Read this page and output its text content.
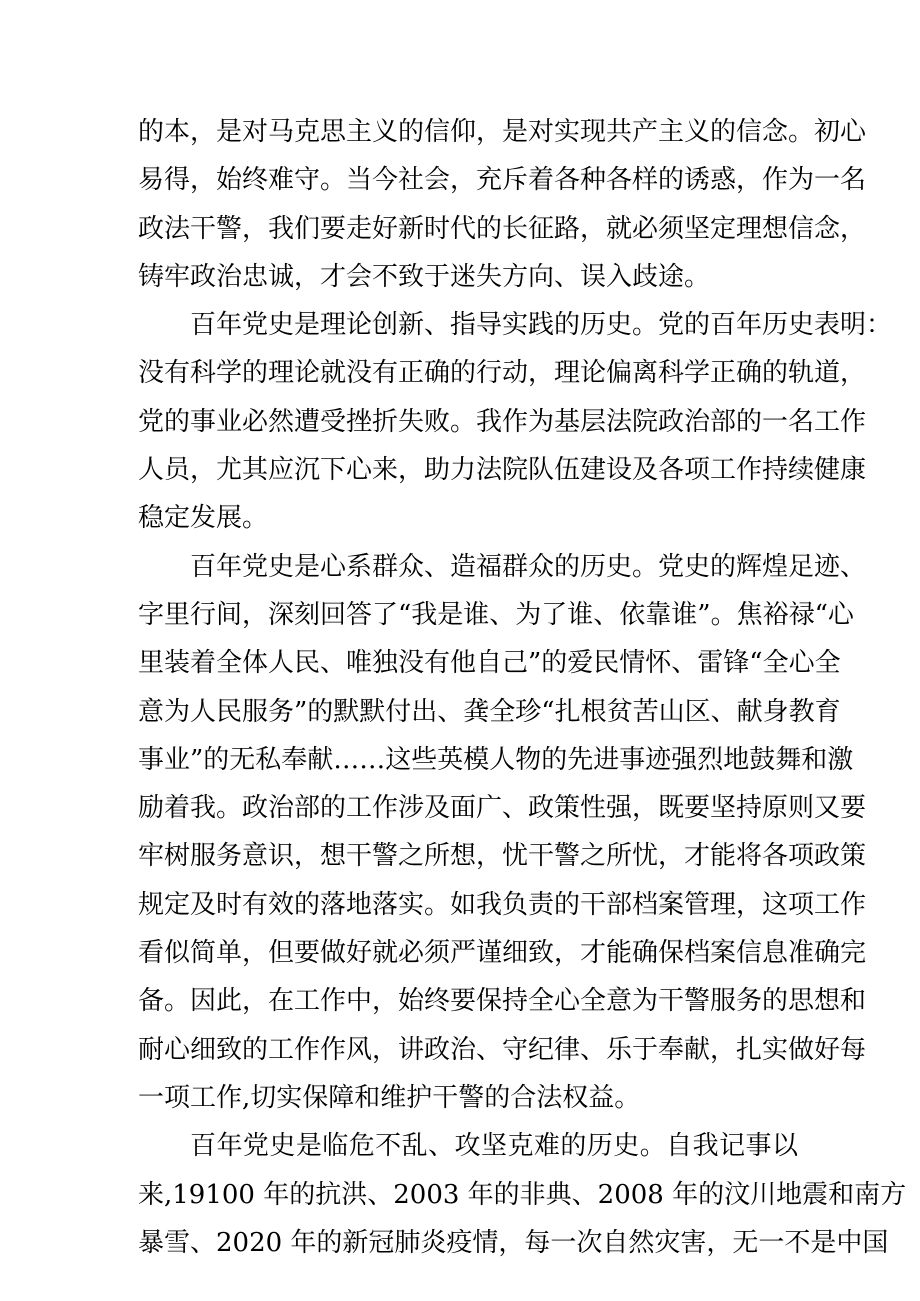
的本，是对马克思主义的信仰，是对实现共产主义的信念。初心
易得，始终难守。当今社会，充斥着各种各样的诱惑，作为一名
政法干警，我们要走好新时代的长征路，就必须坚定理想信念，
铸牢政治忠诚，才会不致于迷失方向、误入歧途。
百年党史是理论创新、指导实践的历史。党的百年历史表明：
没有科学的理论就没有正确的行动，理论偏离科学正确的轨道，
党的事业必然遭受挫折失败。我作为基层法院政治部的一名工作
人员，尤其应沉下心来，助力法院队伍建设及各项工作持续健康
稳定发展。
百年党史是心系群众、造福群众的历史。党史的辉煌足迹、
字里行间，深刻回答了“我是谁、为了谁、依靠谁”。焦裕禄“心
里装着全体人民、唯独没有他自己”的爱民情怀、雷锋“全心全
意为人民服务”的默默付出、龚全珍“扎根贫苦山区、献身教育
事业”的无私奉献……这些英模人物的先进事迹强烈地鼓舞和激
励着我。政治部的工作涉及面广、政策性强，既要坚持原则又要
牢树服务意识，想干警之所想，忧干警之所忧，才能将各项政策
规定及时有效的落地落实。如我负责的干部档案管理，这项工作
看似简单，但要做好就必须严谨细致，才能确保档案信息准确完
备。因此，在工作中，始终要保持全心全意为干警服务的思想和
耐心细致的工作作风，讲政治、守纪律、乐于奉献，扎实做好每
一项工作,切实保障和维护干警的合法权益。
百年党史是临危不乱、攻坚克难的历史。自我记事以
来,19100 年的抗洪、2003 年的非典、2008 年的汶川地震和南方
暴雪、2020 年的新冠肺炎疫情，每一次自然灾害，无一不是中国
